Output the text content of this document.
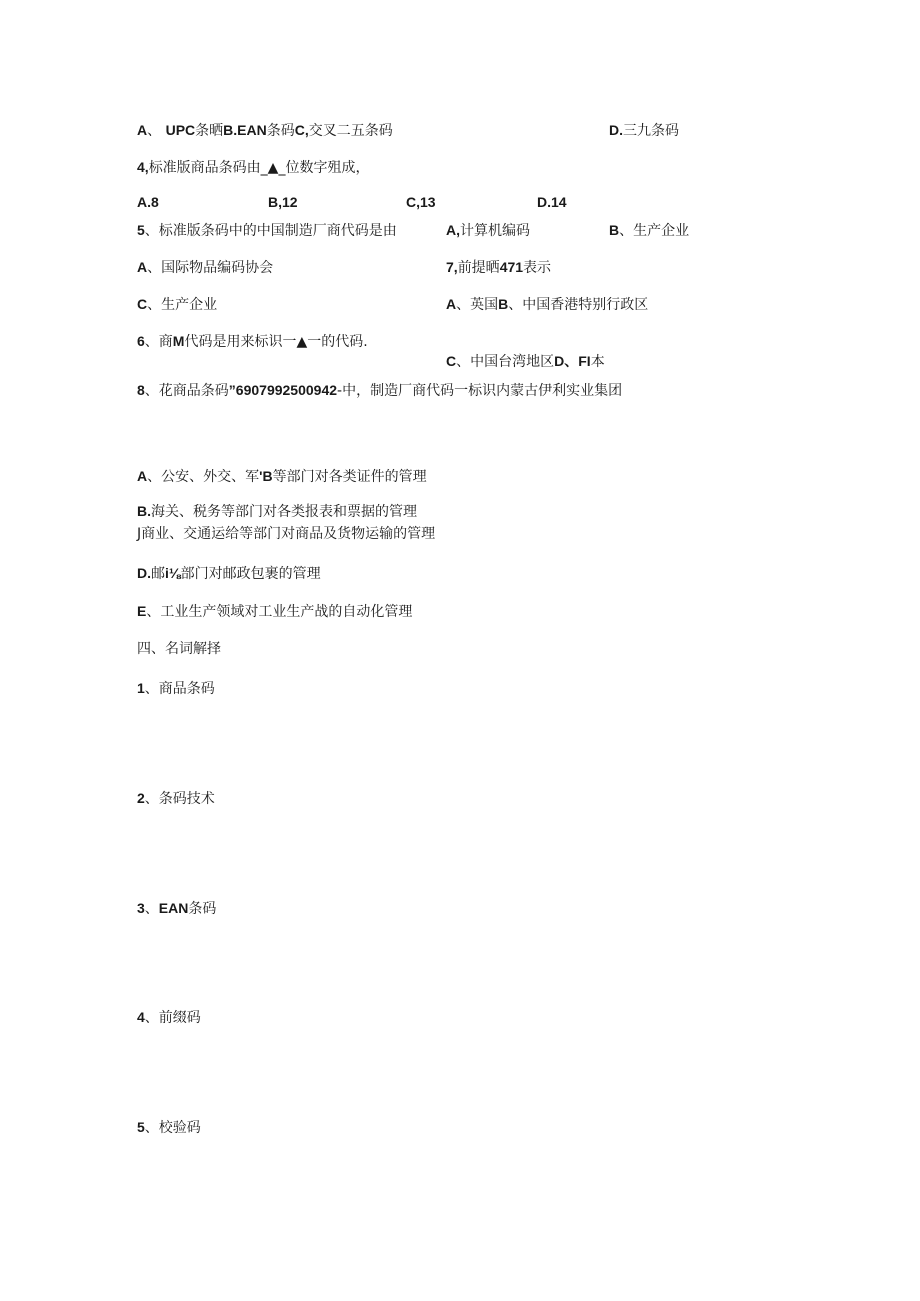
A、 UPC条晒B.EAN条码C,交叉二五条码	D.三九条码
4,标准版商品条码由_▲_位数字殂成，
A.8	B,12	C,13	D.14
5、标准版条码中的中国制造厂商代码是由	A,计算机编码	B、生产企业
A、国际物品编码协会
C、生产企业
7,前提晒471表示
A、英国B、中国香港特别行政区
C、中国台湾地区D、FI本
6、商M代码是用来标识一▲一的代码.
8、花商品条码”6907992500942-中，制造厂商代码一标识内蒙古伊利实业集团
A、公安、外交、军'B等部门对各类证件的管理
B.海关、税务等部门对各类报表和票据的管理
J商业、交通运给等部门对商品及货物运输的管理
D.邮i⅛部门对邮政包裹的管理
E、工业生产领域对工业生产战的自动化管理
四、名词解择
1、商品条码
2、条码技术
3、EAN条码
4、前缀码
5、校验码
